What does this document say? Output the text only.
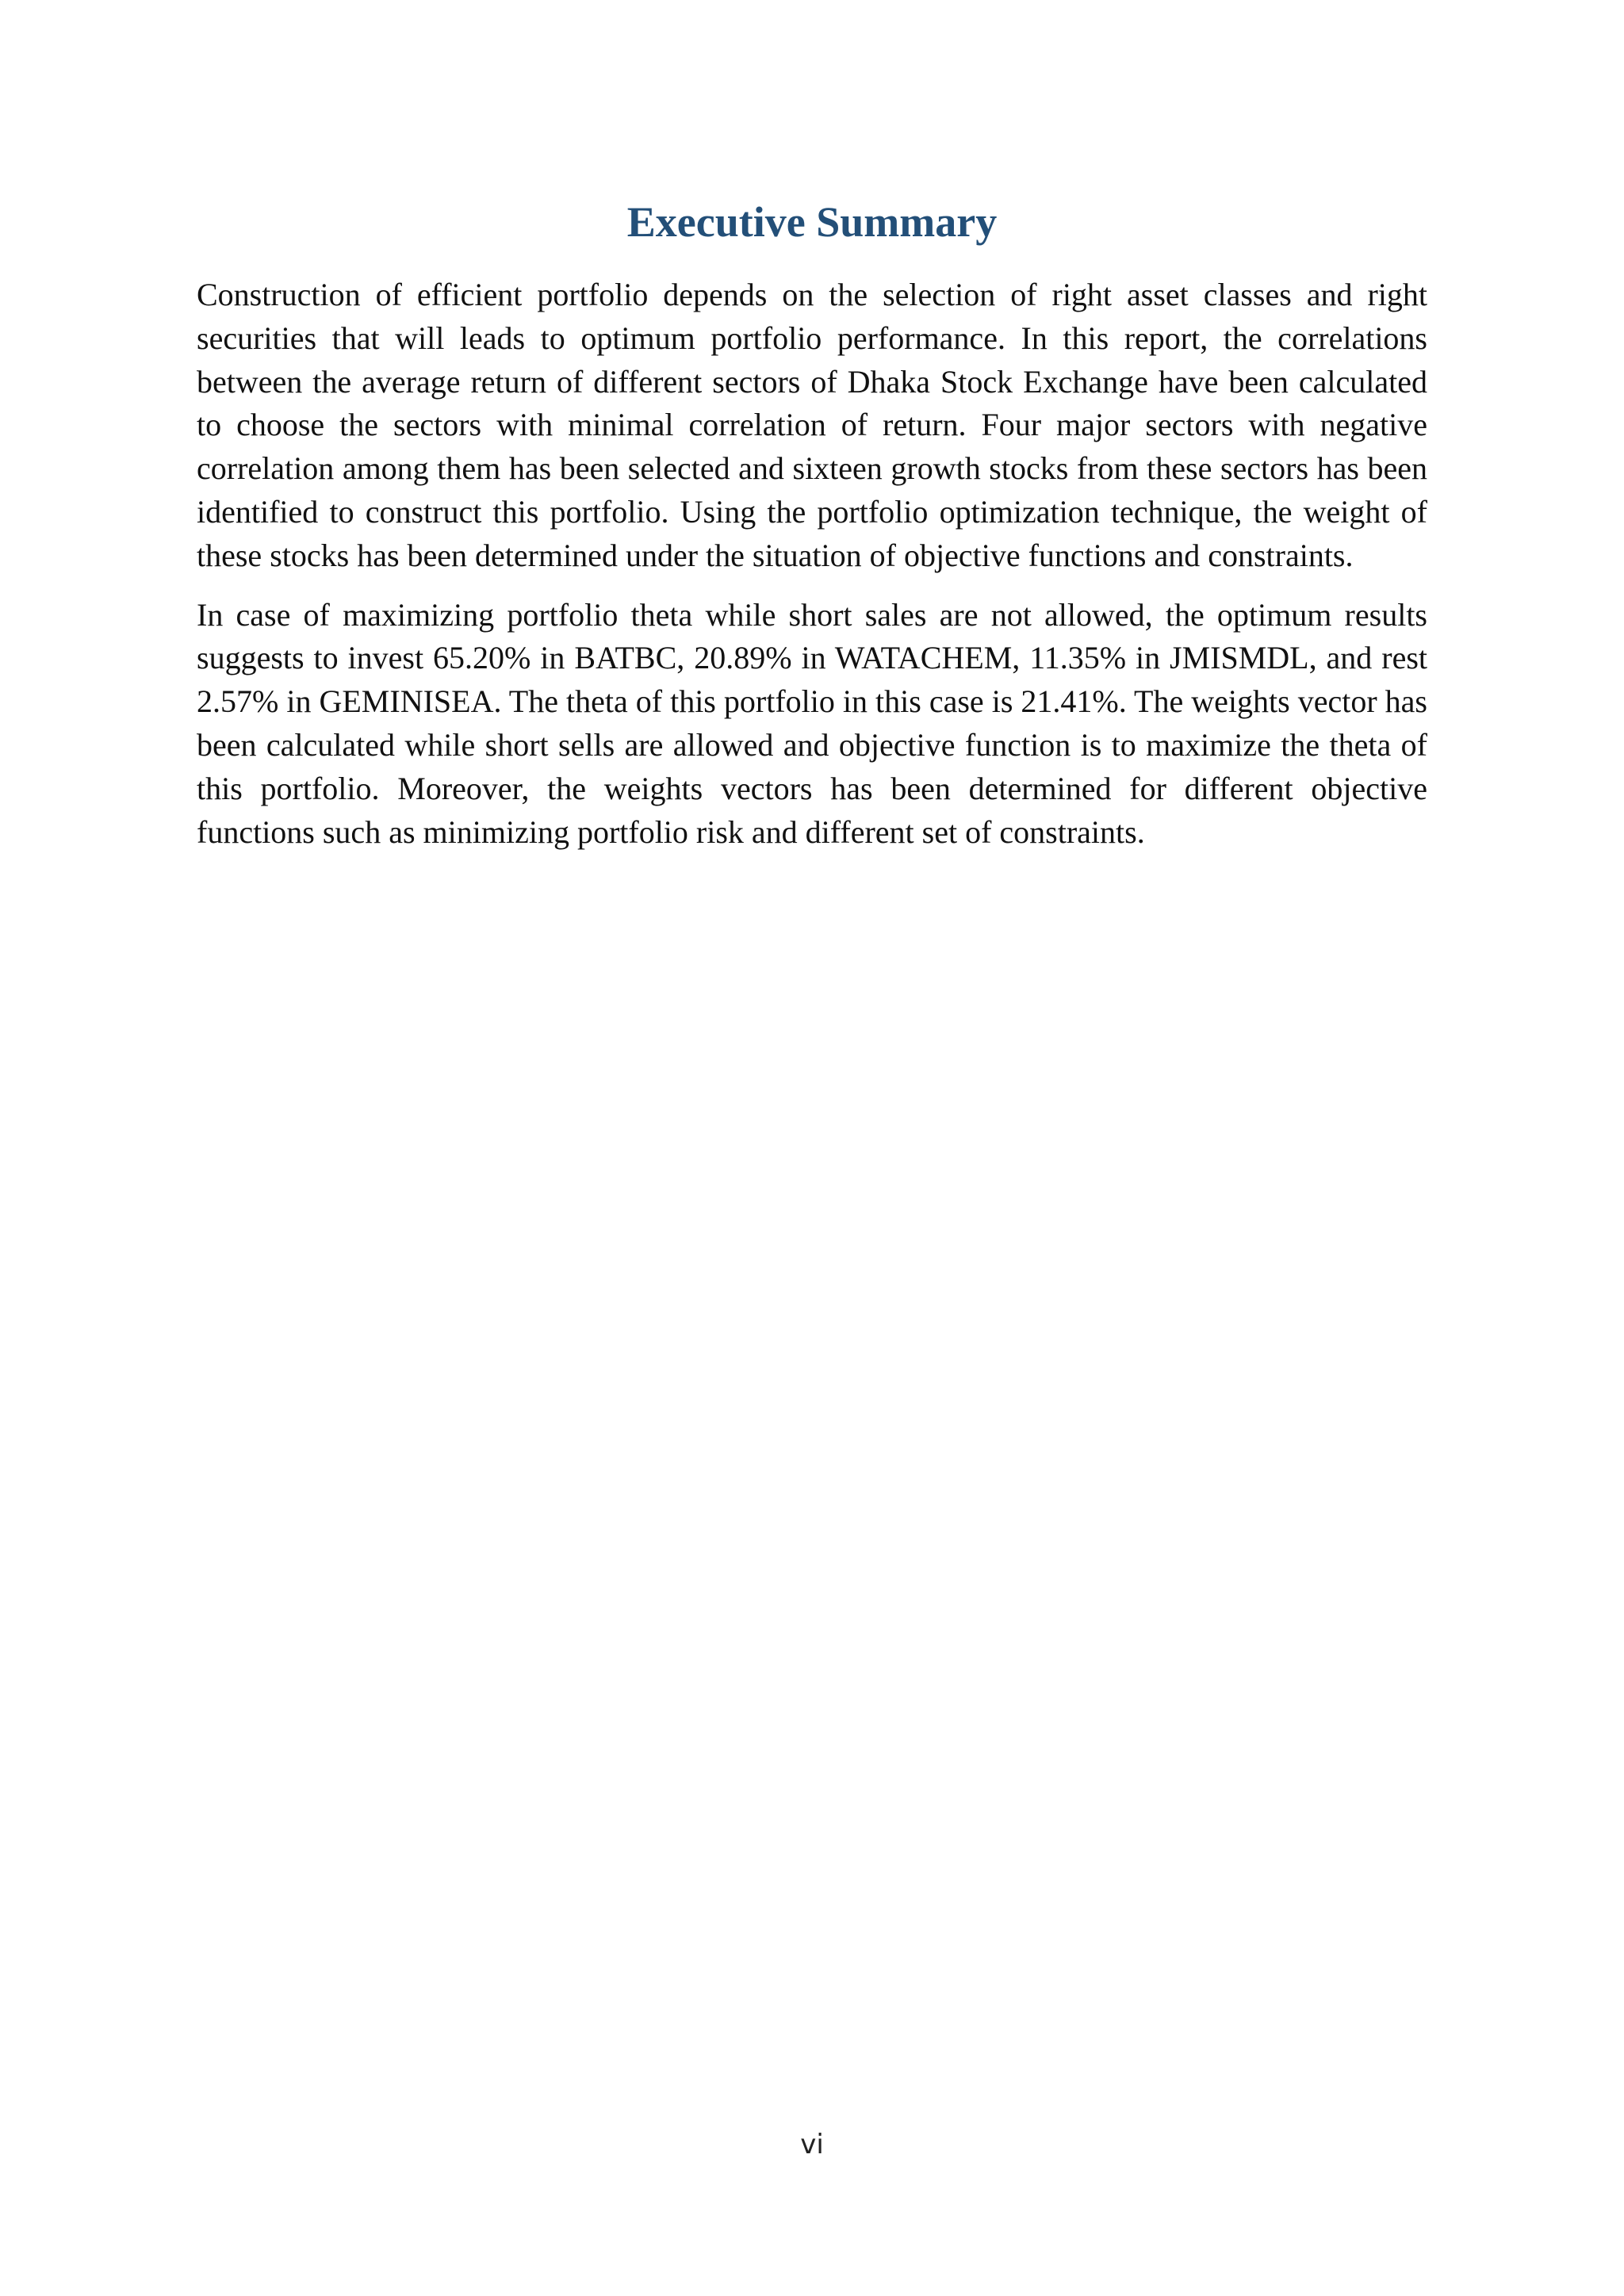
Executive Summary

Construction of efficient portfolio depends on the selection of right asset classes and right securities that will leads to optimum portfolio performance. In this report, the correlations between the average return of different sectors of Dhaka Stock Exchange have been calculated to choose the sectors with minimal correlation of return. Four major sectors with negative correlation among them has been selected and sixteen growth stocks from these sectors has been identified to construct this portfolio. Using the portfolio optimization technique, the weight of these stocks has been determined under the situation of objective functions and constraints.

In case of maximizing portfolio theta while short sales are not allowed, the optimum results suggests to invest 65.20% in BATBC, 20.89% in WATACHEM, 11.35% in JMISMDL, and rest 2.57% in GEMINISEA. The theta of this portfolio in this case is 21.41%. The weights vector has been calculated while short sells are allowed and objective function is to maximize the theta of this portfolio. Moreover, the weights vectors has been determined for different objective functions such as minimizing portfolio risk and different set of constraints.

vi
